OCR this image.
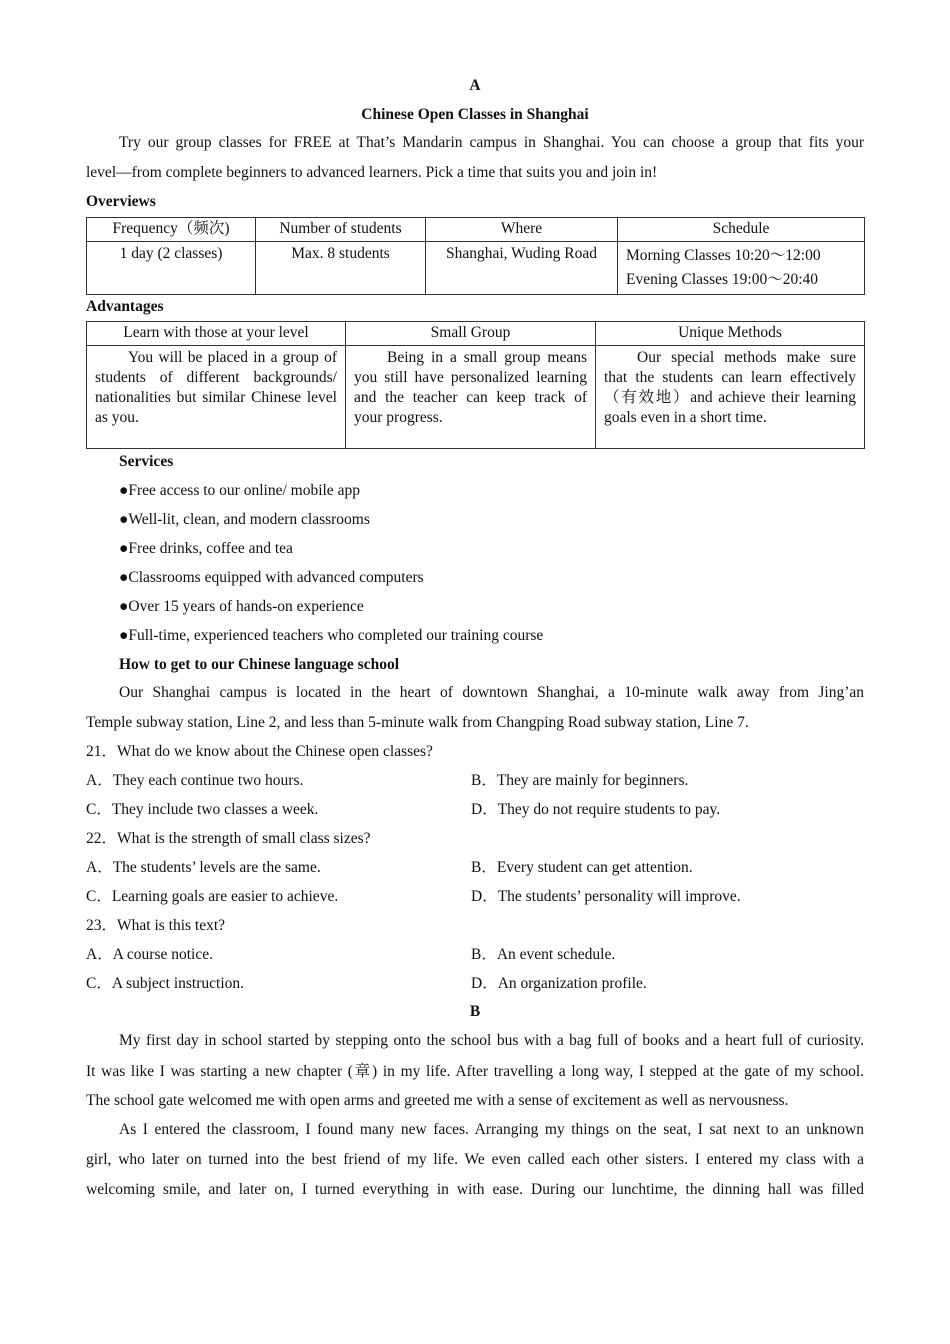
A
Chinese Open Classes in Shanghai
Try our group classes for FREE at That’s Mandarin campus in Shanghai. You can choose a group that fits your
level—from complete beginners to advanced learners. Pick a time that suits you and join in!
Overviews
Frequency（频次)	Number of students	Where	Schedule
1 day (2 classes)	Max. 8 students	Shanghai, Wuding Road	Morning Classes 10:20～12:00
Evening Classes 19:00～20:40
Advantages
Learn with those at your level	Small Group	Unique Methods
You will be placed in a group of students of different backgrounds/ nationalities but similar Chinese level as you.	Being in a small group means you still have personalized learning and the teacher can keep track of your progress.	Our special methods make sure that the students can learn effectively（有效地）and achieve their learning goals even in a short time.
Services
●Free access to our online/ mobile app
●Well-lit, clean, and modern classrooms
●Free drinks, coffee and tea
●Classrooms equipped with advanced computers
●Over 15 years of hands-on experience
●Full-time, experienced teachers who completed our training course
How to get to our Chinese language school
Our Shanghai campus is located in the heart of downtown Shanghai, a 10-minute walk away from Jing’an
Temple subway station, Line 2, and less than 5-minute walk from Changping Road subway station, Line 7.
21．What do we know about the Chinese open classes?
A．They each continue two hours.	B．They are mainly for beginners.
C．They include two classes a week.	D．They do not require students to pay.
22．What is the strength of small class sizes?
A．The students’ levels are the same.	B．Every student can get attention.
C．Learning goals are easier to achieve.	D．The students’ personality will improve.
23．What is this text?
A．A course notice.	B．An event schedule.
C．A subject instruction.	D．An organization profile.
B
My first day in school started by stepping onto the school bus with a bag full of books and a heart full of curiosity.
It was like I was starting a new chapter (章) in my life. After travelling a long way, I stepped at the gate of my school.
The school gate welcomed me with open arms and greeted me with a sense of excitement as well as nervousness.
As I entered the classroom, I found many new faces. Arranging my things on the seat, I sat next to an unknown
girl, who later on turned into the best friend of my life. We even called each other sisters. I entered my class with a
welcoming smile, and later on, I turned everything in with ease. During our lunchtime, the dinning hall was filled
